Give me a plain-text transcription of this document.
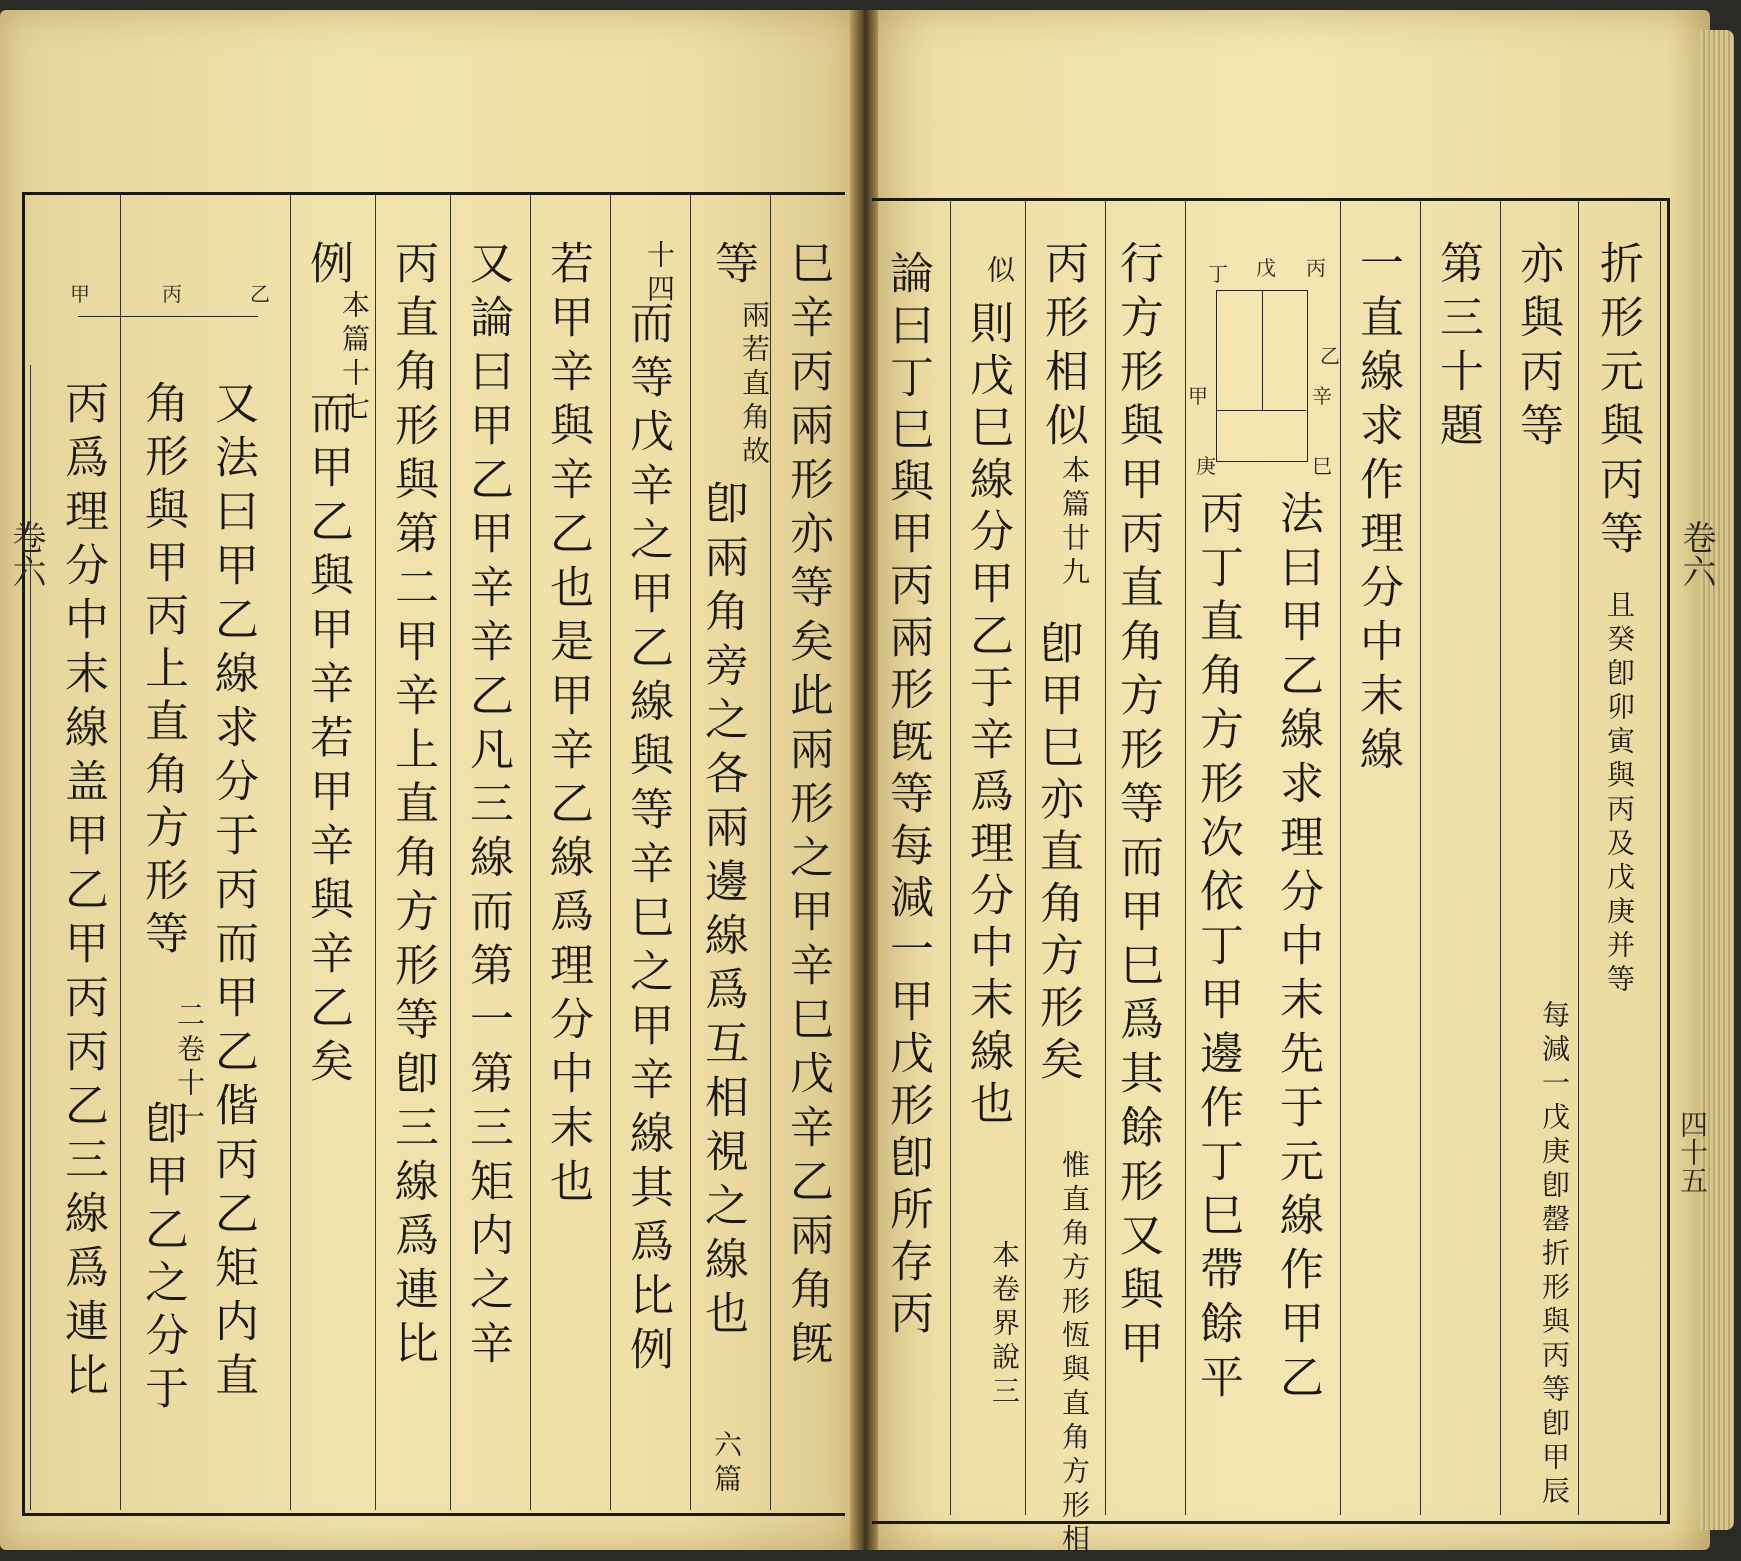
甲	丙	乙	巳辛丙兩形亦等矣此兩形之甲辛巳戊辛乙兩角旣
等
兩若直角故
卽兩角旁之各兩邊線爲互相視之線也
六篇
十四
而等戊辛之甲乙線與等辛巳之甲辛線其爲比例
若甲辛與辛乙也是甲辛乙線爲理分中末也
又論曰甲乙甲辛辛乙凡三線而第一第三矩内之辛
丙直角形與第二甲辛上直角方形等卽三線爲連比
例
本篇十七
而甲乙與甲辛若甲辛與辛乙矣
又法曰甲乙線求分于丙而甲乙偕丙乙矩内直
角形與甲丙上直角方形等
二卷十一
卽甲乙之分于
丙爲理分中末線盖甲乙甲丙丙乙三線爲連比
卷六
丙
戊
丁
甲
庚
辛
巳
乙	折形元與丙等
且癸卽卯寅與丙及戊庚并等
亦與丙等
每減一戊庚卽罄折形與丙等卽甲辰
第三十題
一直線求作理分中末線
法曰甲乙線求理分中末先于元線作甲乙
丙丁直角方形次依丁甲邊作丁巳帶餘平
行方形與甲丙直角方形等而甲巳爲其餘形又與甲
丙形相似
本篇廿九
卽甲巳亦直角方形矣
惟直角方形恆與直角方形相
似
則戊巳線分甲乙于辛爲理分中末線也
本卷界說三
論曰丁巳與甲丙兩形旣等每減一甲戊形卽所存丙	卷六
四十五
